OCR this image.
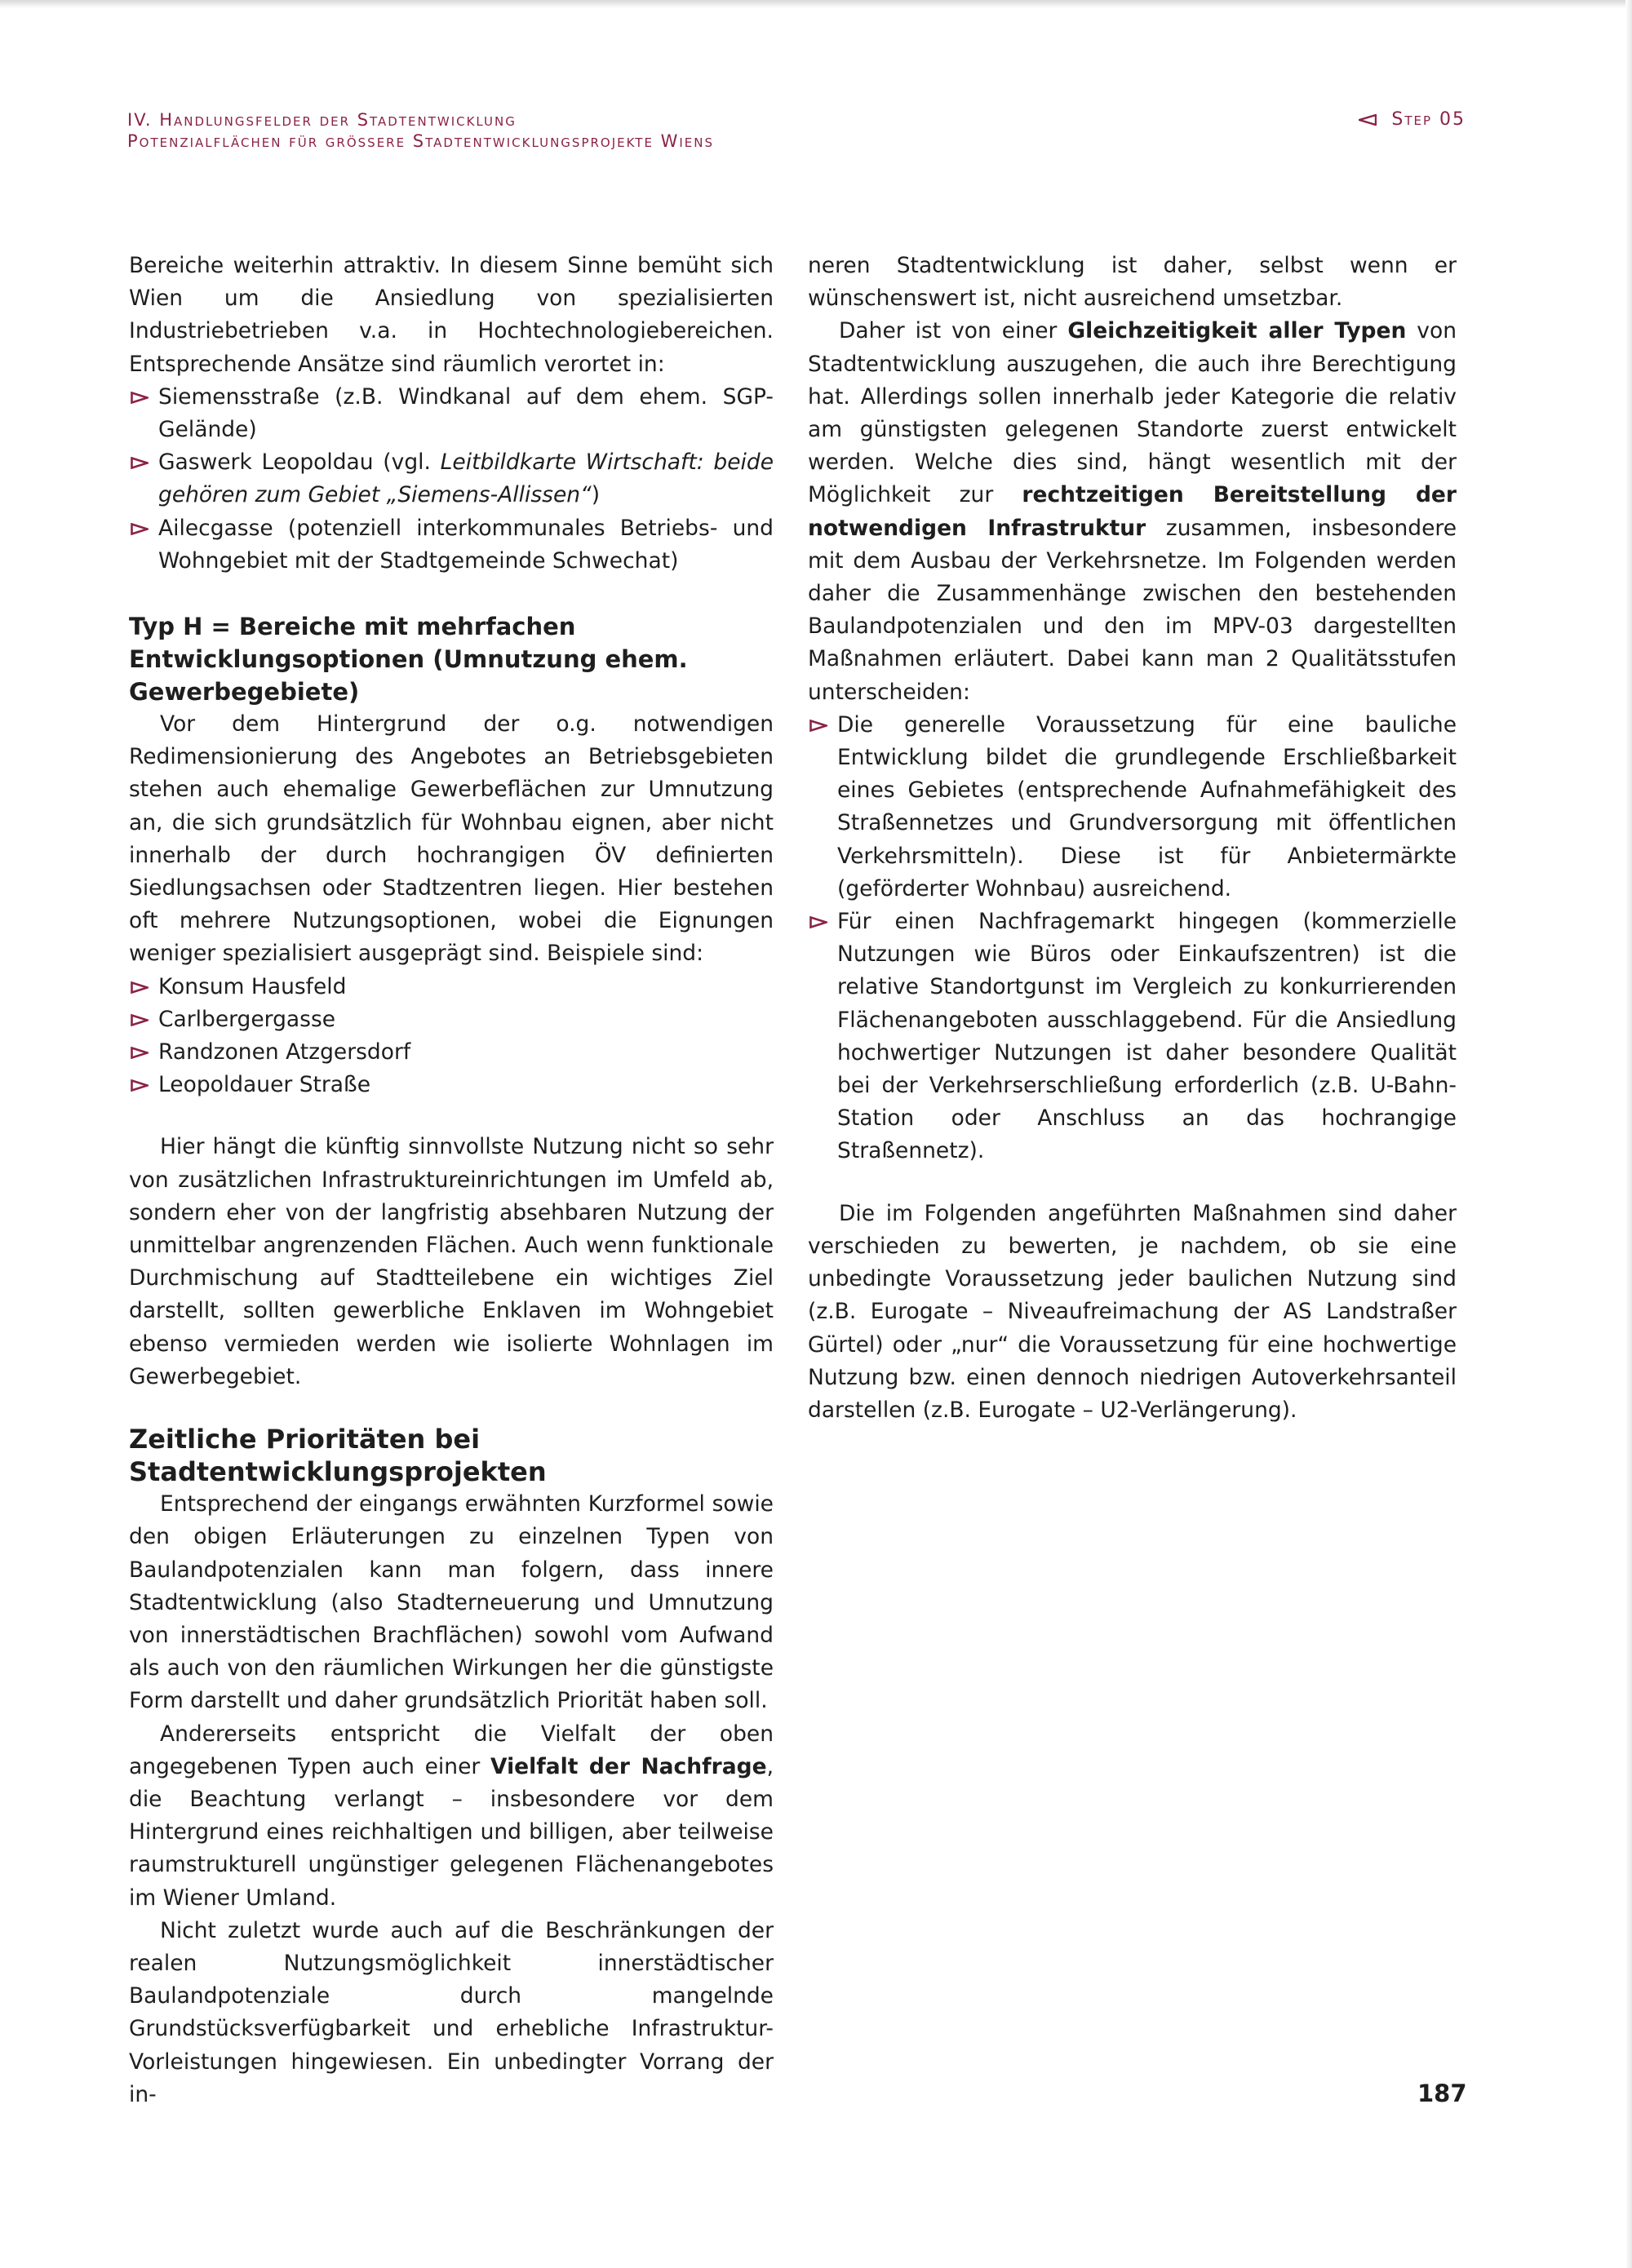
IV. Handlungsfelder der Stadtentwicklung
Potenzialflächen für grössere Stadtentwicklungsprojekte Wiens
Step 05

Bereiche weiterhin attraktiv. In diesem Sinne bemüht sich Wien um die Ansiedlung von spezialisierten Industriebetrieben v.a. in Hochtechnologiebereichen. Entsprechende Ansätze sind räumlich verortet in:

Siemensstraße (z.B. Windkanal auf dem ehem. SGP-Gelände)
Gaswerk Leopoldau (vgl. Leitbildkarte Wirtschaft: beide gehören zum Gebiet „Siemens-Allissen“)
Ailecgasse (potenziell interkommunales Betriebs- und Wohngebiet mit der Stadtgemeinde Schwechat)
Typ H = Bereiche mit mehrfachen Entwicklungsoptionen (Umnutzung ehem. Gewerbegebiete)

Vor dem Hintergrund der o.g. notwendigen Redimensionierung des Angebotes an Betriebsgebieten stehen auch ehemalige Gewerbeflächen zur Umnutzung an, die sich grundsätzlich für Wohnbau eignen, aber nicht innerhalb der durch hochrangigen ÖV definierten Siedlungsachsen oder Stadtzentren liegen. Hier bestehen oft mehrere Nutzungsoptionen, wobei die Eignungen weniger spezialisiert ausgeprägt sind. Beispiele sind:

Konsum Hausfeld
Carlbergergasse
Randzonen Atzgersdorf
Leopoldauer Straße

Hier hängt die künftig sinnvollste Nutzung nicht so sehr von zusätzlichen Infrastruktureinrichtungen im Umfeld ab, sondern eher von der langfristig absehbaren Nutzung der unmittelbar angrenzenden Flächen. Auch wenn funktionale Durchmischung auf Stadtteilebene ein wichtiges Ziel darstellt, sollten gewerbliche Enklaven im Wohngebiet ebenso vermieden werden wie isolierte Wohnlagen im Gewerbegebiet.

Zeitliche Prioritäten bei Stadtentwicklungsprojekten

Entsprechend der eingangs erwähnten Kurzformel sowie den obigen Erläuterungen zu einzelnen Typen von Baulandpotenzialen kann man folgern, dass innere Stadtentwicklung (also Stadterneuerung und Umnutzung von innerstädtischen Brachflächen) sowohl vom Aufwand als auch von den räumlichen Wirkungen her die günstigste Form darstellt und daher grundsätzlich Priorität haben soll.

Andererseits entspricht die Vielfalt der oben angegebenen Typen auch einer Vielfalt der Nachfrage, die Beachtung verlangt – insbesondere vor dem Hintergrund eines reichhaltigen und billigen, aber teilweise raumstrukturell ungünstiger gelegenen Flächenangebotes im Wiener Umland.

Nicht zuletzt wurde auch auf die Beschränkungen der realen Nutzungsmöglichkeit innerstädtischer Baulandpotenziale durch mangelnde Grundstücksverfügbarkeit und erhebliche Infrastruktur-Vorleistungen hingewiesen. Ein unbedingter Vorrang der in-

neren Stadtentwicklung ist daher, selbst wenn er wünschenswert ist, nicht ausreichend umsetzbar.

Daher ist von einer Gleichzeitigkeit aller Typen von Stadtentwicklung auszugehen, die auch ihre Berechtigung hat. Allerdings sollen innerhalb jeder Kategorie die relativ am günstigsten gelegenen Standorte zuerst entwickelt werden. Welche dies sind, hängt wesentlich mit der Möglichkeit zur rechtzeitigen Bereitstellung der notwendigen Infrastruktur zusammen, insbesondere mit dem Ausbau der Verkehrsnetze. Im Folgenden werden daher die Zusammenhänge zwischen den bestehenden Baulandpotenzialen und den im MPV-03 dargestellten Maßnahmen erläutert. Dabei kann man 2 Qualitätsstufen unterscheiden:

Die generelle Voraussetzung für eine bauliche Entwicklung bildet die grundlegende Erschließbarkeit eines Gebietes (entsprechende Aufnahmefähigkeit des Straßennetzes und Grundversorgung mit öffentlichen Verkehrsmitteln). Diese ist für Anbietermärkte (geförderter Wohnbau) ausreichend.
Für einen Nachfragemarkt hingegen (kommerzielle Nutzungen wie Büros oder Einkaufszentren) ist die relative Standortgunst im Vergleich zu konkurrierenden Flächenangeboten ausschlaggebend. Für die Ansiedlung hochwertiger Nutzungen ist daher besondere Qualität bei der Verkehrserschließung erforderlich (z.B. U-Bahn-Station oder Anschluss an das hochrangige Straßennetz).

Die im Folgenden angeführten Maßnahmen sind daher verschieden zu bewerten, je nachdem, ob sie eine unbedingte Voraussetzung jeder baulichen Nutzung sind (z.B. Eurogate – Niveaufreimachung der AS Landstraßer Gürtel) oder „nur“ die Voraussetzung für eine hochwertige Nutzung bzw. einen dennoch niedrigen Autoverkehrsanteil darstellen (z.B. Eurogate – U2-Verlängerung).

187
